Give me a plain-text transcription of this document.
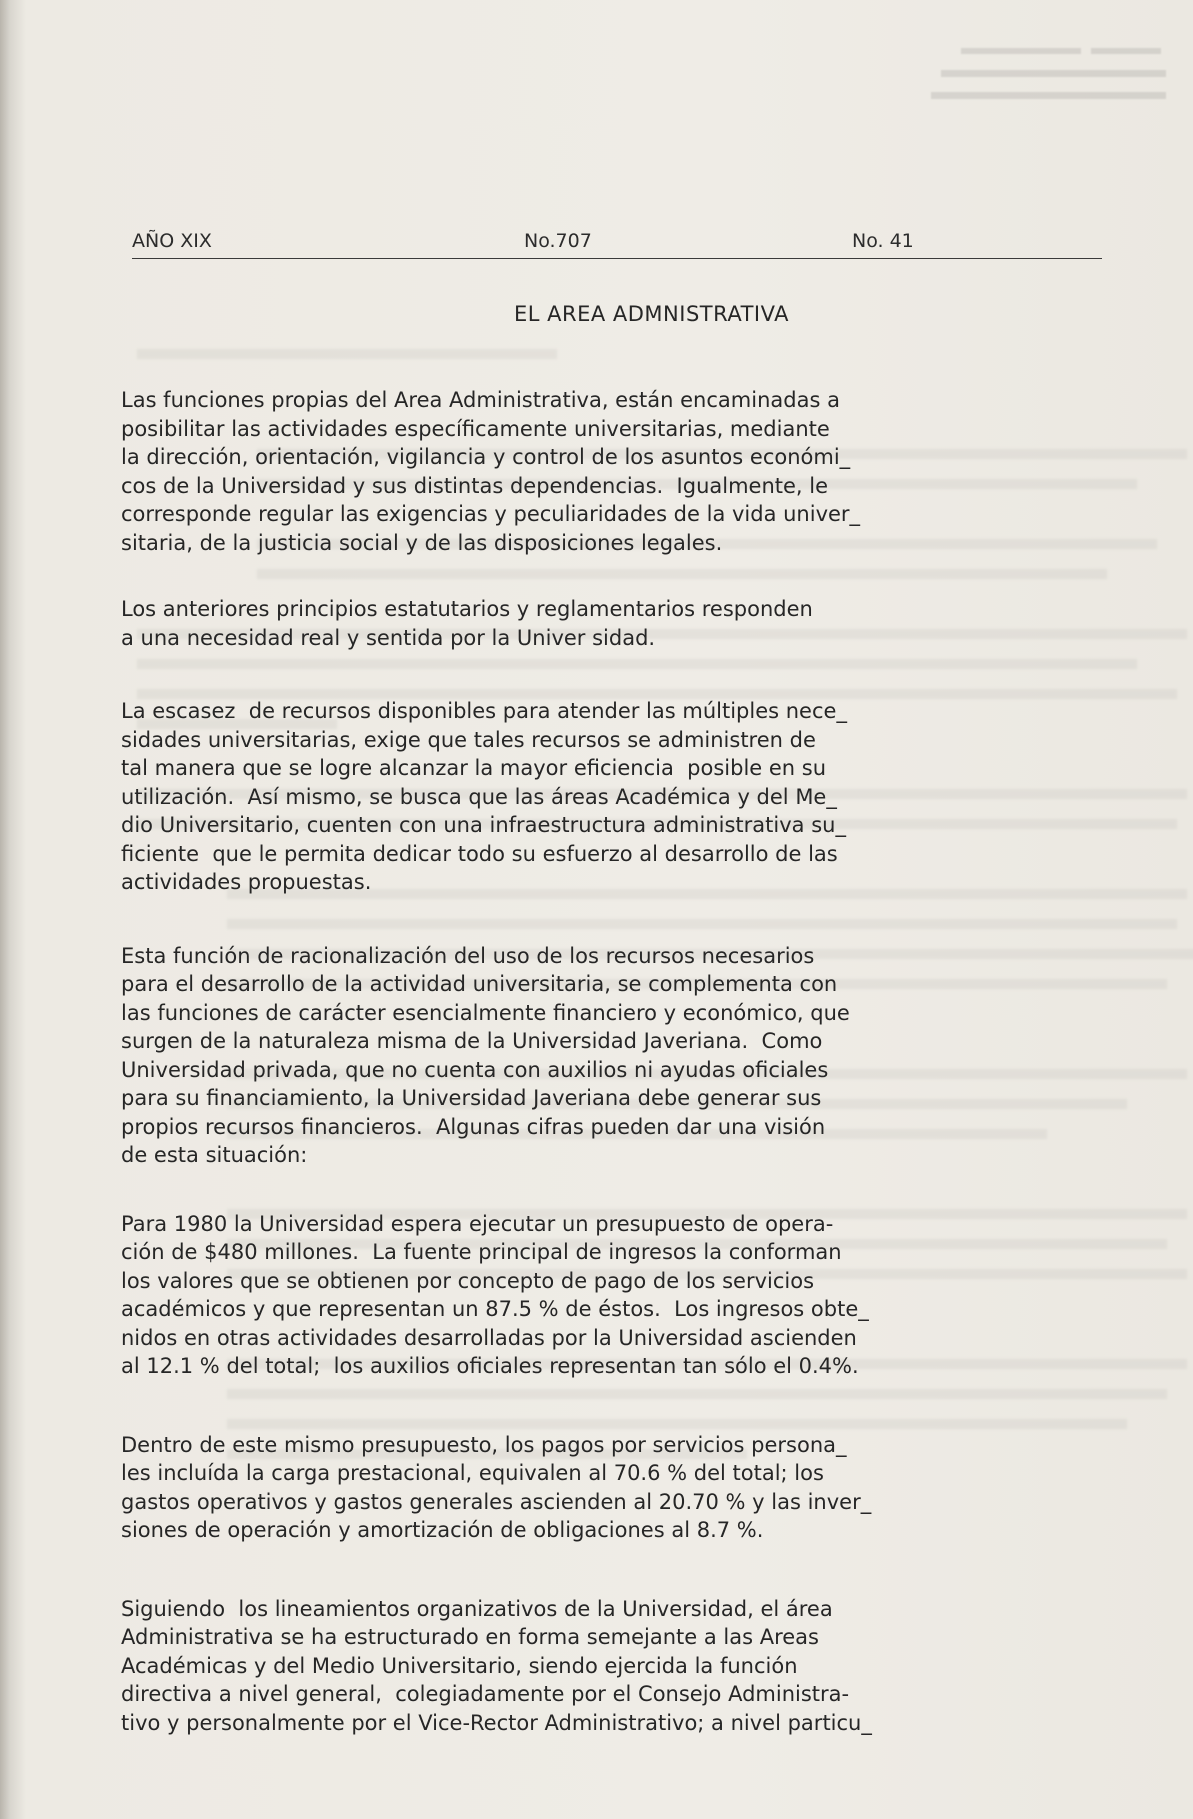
AÑO XIX	No.707	No. 41
EL AREA ADMNISTRATIVA

Las funciones propias del Area Administrativa, están encaminadas a
posibilitar las actividades específicamente universitarias, mediante
la dirección, orientación, vigilancia y control de los asuntos económi_
cos de la Universidad y sus distintas dependencias.  Igualmente, le
corresponde regular las exigencias y peculiaridades de la vida univer_
sitaria, de la justicia social y de las disposiciones legales.

Los anteriores principios estatutarios y reglamentarios responden
a una necesidad real y sentida por la Univer sidad.

La escasez  de recursos disponibles para atender las múltiples nece_
sidades universitarias, exige que tales recursos se administren de
tal manera que se logre alcanzar la mayor eficiencia  posible en su
utilización.  Así mismo, se busca que las áreas Académica y del Me_
dio Universitario, cuenten con una infraestructura administrativa su_
ficiente  que le permita dedicar todo su esfuerzo al desarrollo de las
actividades propuestas.

Esta función de racionalización del uso de los recursos necesarios
para el desarrollo de la actividad universitaria, se complementa con
las funciones de carácter esencialmente financiero y económico, que
surgen de la naturaleza misma de la Universidad Javeriana.  Como
Universidad privada, que no cuenta con auxilios ni ayudas oficiales
para su financiamiento, la Universidad Javeriana debe generar sus
propios recursos financieros.  Algunas cifras pueden dar una visión
de esta situación:

Para 1980 la Universidad espera ejecutar un presupuesto de opera-
ción de $480 millones.  La fuente principal de ingresos la conforman
los valores que se obtienen por concepto de pago de los servicios
académicos y que representan un 87.5 % de éstos.  Los ingresos obte_
nidos en otras actividades desarrolladas por la Universidad ascienden
al 12.1 % del total;  los auxilios oficiales representan tan sólo el 0.4%.

Dentro de este mismo presupuesto, los pagos por servicios persona_
les incluída la carga prestacional, equivalen al 70.6 % del total; los
gastos operativos y gastos generales ascienden al 20.70 % y las inver_
siones de operación y amortización de obligaciones al 8.7 %.

Siguiendo  los lineamientos organizativos de la Universidad, el área
Administrativa se ha estructurado en forma semejante a las Areas
Académicas y del Medio Universitario, siendo ejercida la función
directiva a nivel general,  colegiadamente por el Consejo Administra-
tivo y personalmente por el Vice-Rector Administrativo; a nivel particu_
